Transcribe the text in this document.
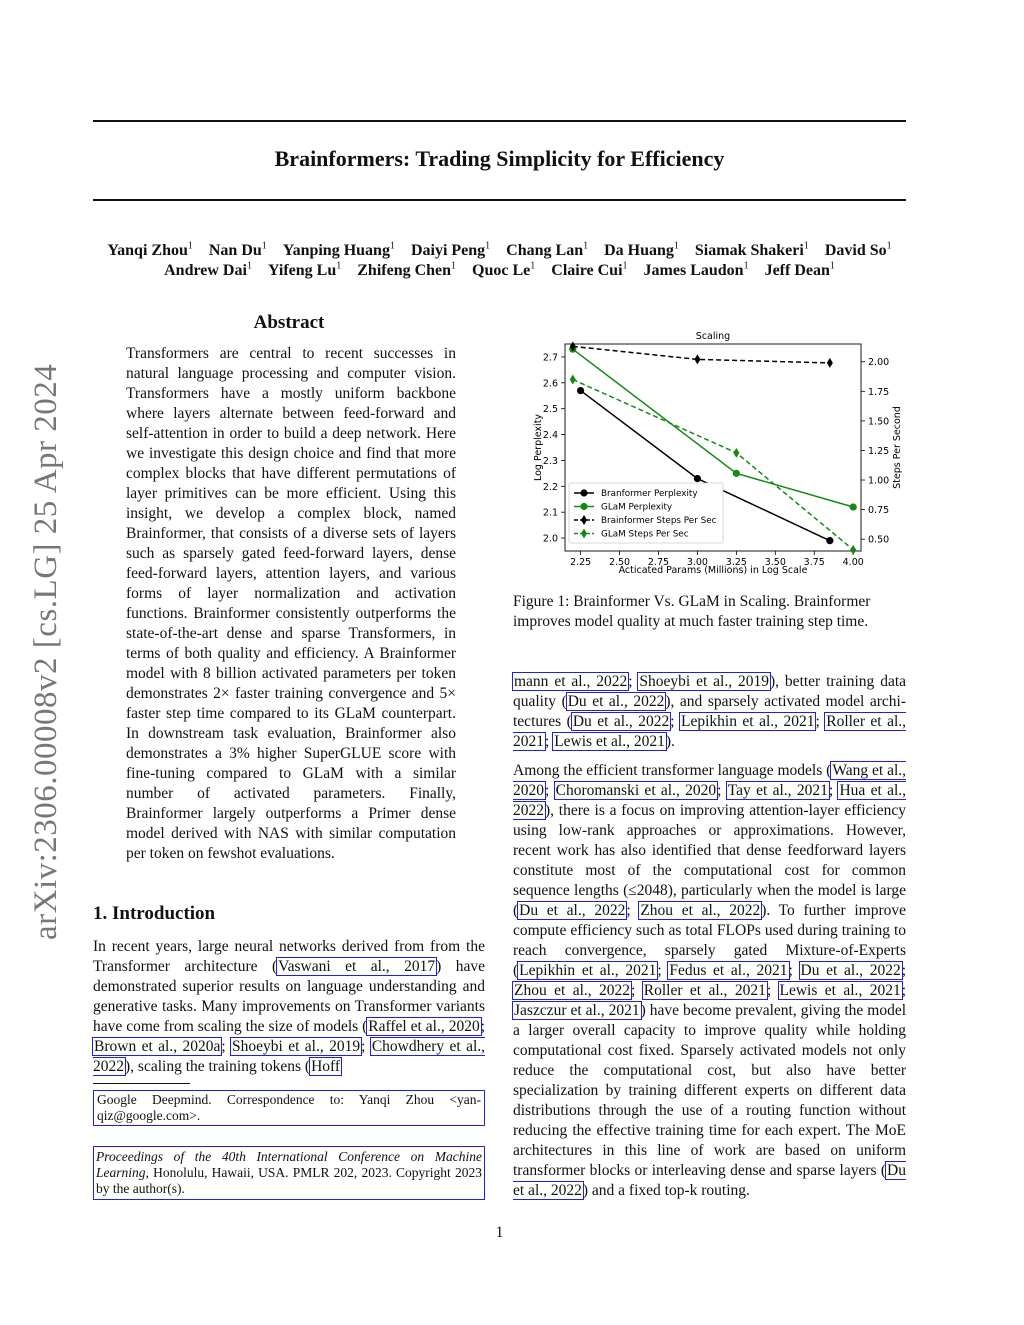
Brainformers: Trading Simplicity for Efficiency
Yanqi Zhou$^1$ Nan Du$^1$ Yanping Huang$^1$ Daiyi Peng$^1$ Chang Lan$^1$ Da Huang$^1$ Siamak Shakeri$^1$ David So$^1$
Andrew Dai$^1$ Yifeng Lu$^1$ Zhifeng Chen$^1$ Quoc Le$^1$ Claire Cui$^1$ James Laudon$^1$ Jeff Dean$^1$
arXiv:2306.00008v2 [cs.LG] 25 Apr 2024
Abstract
Transformers are central to recent successes in natural language processing and computer vision. Transformers have a mostly uniform backbone where layers alternate between feed-forward and self-attention in order to build a deep network. Here we investigate this design choice and find that more complex blocks that have different permutations of layer primitives can be more efficient. Using this insight, we develop a complex block, named Brainformer, that consists of a diverse sets of layers such as sparsely gated feed-forward layers, dense feed-forward layers, attention layers, and various forms of layer normalization and activation functions. Brainformer consistently outperforms the state-of-the-art dense and sparse Transformers, in terms of both quality and efficiency. A Brainformer model with 8 billion activated parameters per token demonstrates 2× faster training convergence and 5× faster step time compared to its GLaM counterpart. In downstream task evaluation, Brainformer also demonstrates a 3% higher SuperGLUE score with fine-tuning compared to GLaM with a similar number of activated parameters. Finally, Brainformer largely outperforms a Primer dense model derived with NAS with similar computation per token on fewshot evaluations.
1. Introduction
In recent years, large neural networks derived from from the Transformer architecture (Vaswani et al., 2017) have demonstrated superior results on language understanding and generative tasks. Many improvements on Transformer variants have come from scaling the size of models (Raffel et al., 2020; Brown et al., 2020a; Shoeybi et al., 2019; Chowdhery et al., 2022), scaling the training tokens (Hoff
Google Deepmind. Correspondence to: Yanqi Zhou <yanqiz@google.com>.
Proceedings of the 40th International Conference on Machine Learning, Honolulu, Hawaii, USA. PMLR 202, 2023. Copyright 2023 by the author(s).
Scaling
Acticated Params (Millions) in Log Scale
Log Perplexity	Steps Per Second
2.25 2.50 2.75 3.00 3.25 3.50 3.75 4.00
2.0
2.1
2.2
2.3
2.4
2.5
2.6
2.7
0.50
0.75
1.00
1.25
1.50
1.75
2.00
Branformer Perplexity
GLaM Perplexity
Brainformer Steps Per Sec
GLaM Steps Per Sec
Figure 1: Brainformer Vs. GLaM in Scaling. Brainformer improves model quality at much faster training step time.
mann et al., 2022; Shoeybi et al., 2019), better training data quality (Du et al., 2022), and sparsely activated model architectures (Du et al., 2022; Lepikhin et al., 2021; Roller et al., 2021; Lewis et al., 2021).
Among the efficient transformer language models (Wang et al., 2020; Choromanski et al., 2020; Tay et al., 2021; Hua et al., 2022), there is a focus on improving attention-layer efficiency using low-rank approaches or approximations. However, recent work has also identified that dense feedforward layers constitute most of the computational cost for common sequence lengths (≤2048), particularly when the model is large (Du et al., 2022; Zhou et al., 2022). To further improve compute efficiency such as total FLOPs used during training to reach convergence, sparsely gated Mixture-of-Experts (Lepikhin et al., 2021; Fedus et al., 2021; Du et al., 2022; Zhou et al., 2022; Roller et al., 2021; Lewis et al., 2021; Jaszczur et al., 2021) have become prevalent, giving the model a larger overall capacity to improve quality while holding computational cost fixed. Sparsely activated models not only reduce the computational cost, but also have better specialization by training different experts on different data distributions through the use of a routing function without reducing the effective training time for each expert. The MoE architectures in this line of work are based on uniform transformer blocks or interleaving dense and sparse layers (Du et al., 2022) and a fixed top-k routing.
1
